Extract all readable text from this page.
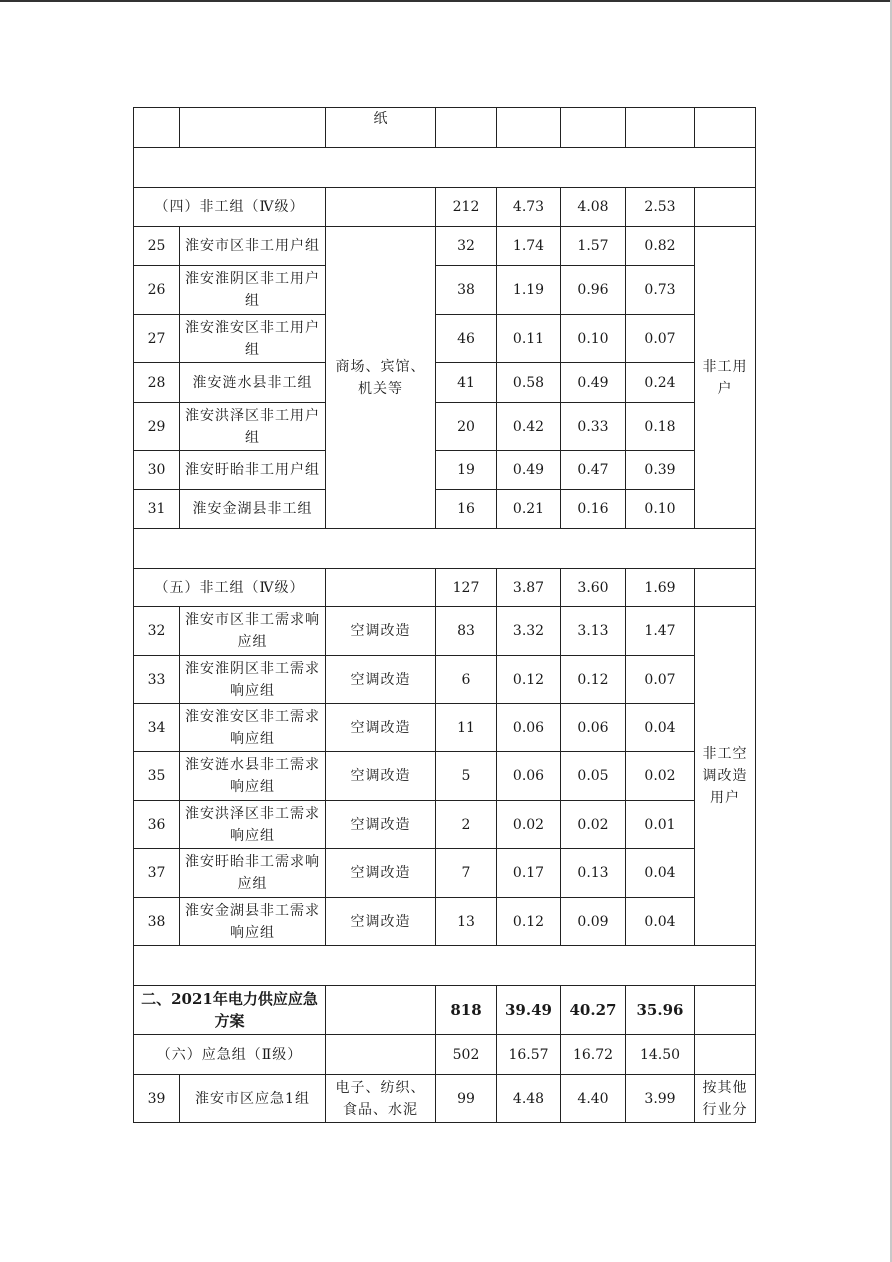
		纸					

（四）非工组（Ⅳ级）			212	4.73	4.08	2.53	
25	淮安市区非工用户组	商场、宾馆、机关等	32	1.74	1.57	0.82	非工用户
26	淮安淮阴区非工用户组		38	1.19	0.96	0.73	
27	淮安淮安区非工用户组		46	0.11	0.10	0.07	
28	淮安涟水县非工组		41	0.58	0.49	0.24	
29	淮安洪泽区非工用户组		20	0.42	0.33	0.18	
30	淮安盱眙非工用户组		19	0.49	0.47	0.39	
31	淮安金湖县非工组		16	0.21	0.16	0.10	

（五）非工组（Ⅳ级）			127	3.87	3.60	1.69	
32	淮安市区非工需求响应组	空调改造	83	3.32	3.13	1.47	非工空调改造用户
33	淮安淮阴区非工需求响应组	空调改造	6	0.12	0.12	0.07	
34	淮安淮安区非工需求响应组	空调改造	11	0.06	0.06	0.04	
35	淮安涟水县非工需求响应组	空调改造	5	0.06	0.05	0.02	
36	淮安洪泽区非工需求响应组	空调改造	2	0.02	0.02	0.01	
37	淮安盱眙非工需求响应组	空调改造	7	0.17	0.13	0.04	
38	淮安金湖县非工需求响应组	空调改造	13	0.12	0.09	0.04	

二、2021年电力供应应急方案			818	39.49	40.27	35.96	
（六）应急组（Ⅱ级）			502	16.57	16.72	14.50	
39	淮安市区应急1组	电子、纺织、食品、水泥	99	4.48	4.40	3.99	按其他行业分
